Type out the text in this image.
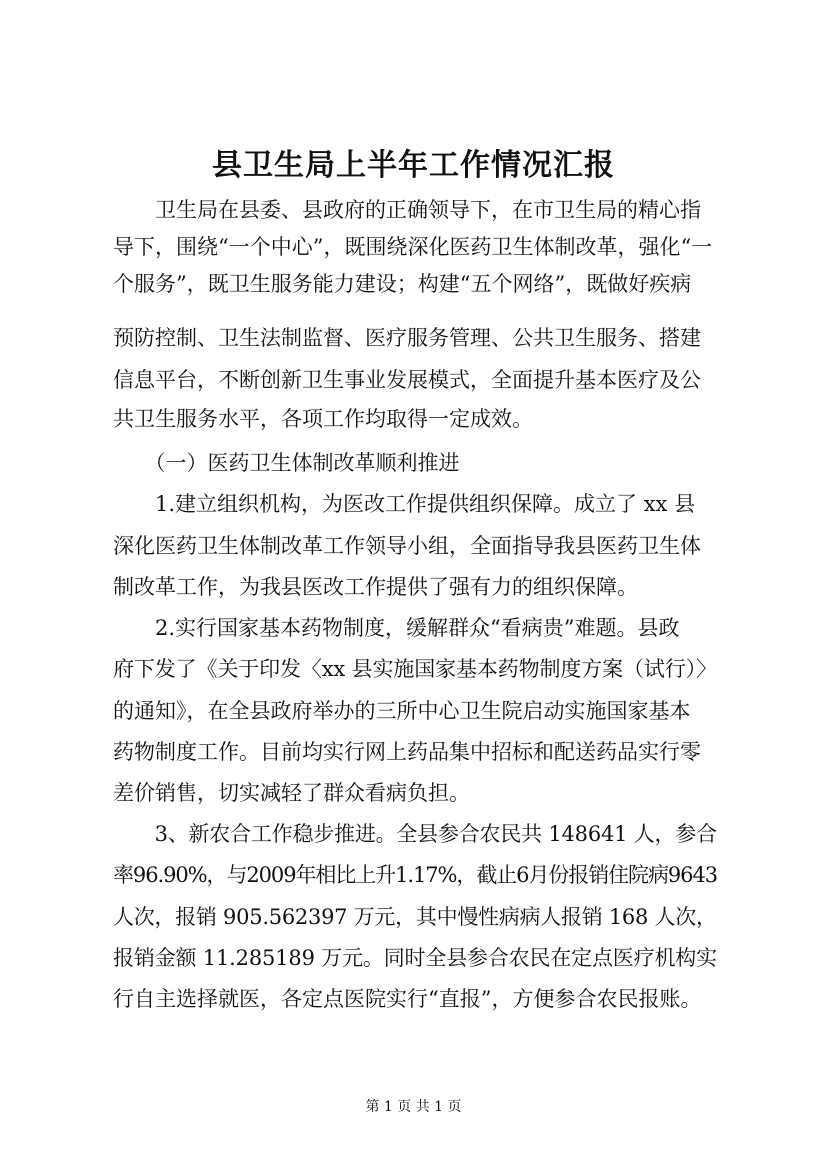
县卫生局上半年工作情况汇报
　　卫生局在县委、县政府的正确领导下，在市卫生局的精心指
导下，围绕“一个中心”，既围绕深化医药卫生体制改革，强化“一
个服务”，既卫生服务能力建设；构建“五个网络”，既做好疾病
预防控制、卫生法制监督、医疗服务管理、公共卫生服务、搭建
信息平台，不断创新卫生事业发展模式，全面提升基本医疗及公
共卫生服务水平，各项工作均取得一定成效。
　　（一）医药卫生体制改革顺利推进
　　1.建立组织机构，为医改工作提供组织保障。成立了 xx 县
深化医药卫生体制改革工作领导小组，全面指导我县医药卫生体
制改革工作，为我县医改工作提供了强有力的组织保障。
　　2.实行国家基本药物制度，缓解群众“看病贵”难题。县政
府下发了《关于印发〈xx 县实施国家基本药物制度方案（试行）〉
的通知》，在全县政府举办的三所中心卫生院启动实施国家基本
药物制度工作。目前均实行网上药品集中招标和配送药品实行零
差价销售，切实减轻了群众看病负担。
　　3、新农合工作稳步推进。全县参合农民共 148641 人，参合
率96.90%，与2009年相比上升1.17%，截止6月份报销住院病9643
人次，报销 905.562397 万元，其中慢性病病人报销 168 人次，
报销金额 11.285189 万元。同时全县参合农民在定点医疗机构实
行自主选择就医，各定点医院实行“直报”，方便参合农民报账。
第 1 页 共 1 页
